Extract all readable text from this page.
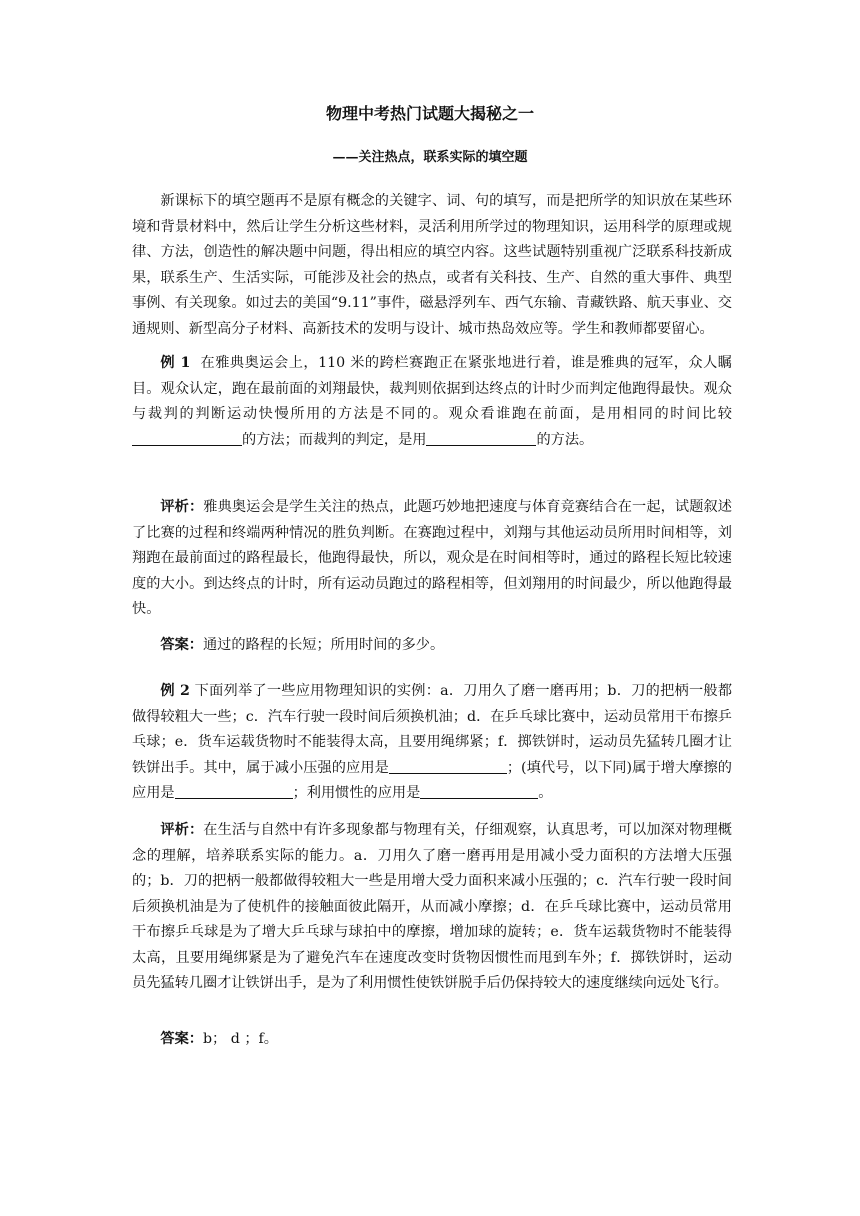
物理中考热门试题大揭秘之一
——关注热点，联系实际的填空题

新课标下的填空题再不是原有概念的关键字、词、句的填写，而是把所学的知识放在某些环境和背景材料中，然后让学生分析这些材料，灵活利用所学过的物理知识，运用科学的原理或规律、方法，创造性的解决题中问题，得出相应的填空内容。这些试题特别重视广泛联系科技新成果，联系生产、生活实际，可能涉及社会的热点，或者有关科技、生产、自然的重大事件、典型事例、有关现象。如过去的美国“9.11”事件，磁悬浮列车、西气东输、青藏铁路、航天事业、交通规则、新型高分子材料、高新技术的发明与设计、城市热岛效应等。学生和教师都要留心。

例 1 在雅典奥运会上，110 米的跨栏赛跑正在紧张地进行着，谁是雅典的冠军，众人瞩目。观众认定，跑在最前面的刘翔最快，裁判则依据到达终点的计时少而判定他跑得最快。观众与裁判的判断运动快慢所用的方法是不同的。观众看谁跑在前面，是用相同的时间比较的方法；而裁判的判定，是用	的方法。

评析：雅典奥运会是学生关注的热点，此题巧妙地把速度与体育竞赛结合在一起，试题叙述了比赛的过程和终端两种情况的胜负判断。在赛跑过程中，刘翔与其他运动员所用时间相等，刘翔跑在最前面过的路程最长，他跑得最快，所以，观众是在时间相等时，通过的路程长短比较速度的大小。到达终点的计时，所有运动员跑过的路程相等，但刘翔用的时间最少，所以他跑得最快。

答案：通过的路程的长短；所用时间的多少。

例 2 下面列举了一些应用物理知识的实例：a．刀用久了磨一磨再用；b．刀的把柄一般都做得较粗大一些；c．汽车行驶一段时间后须换机油；d．在乒乓球比赛中，运动员常用干布擦乒乓球；e．货车运载货物时不能装得太高，且要用绳绑紧；f．掷铁饼时，运动员先猛转几圈才让铁饼出手。其中，属于减小压强的应用是	；(填代号，以下同)属于增大摩擦的应用是	；利用惯性的应用是	。

评析：在生活与自然中有许多现象都与物理有关，仔细观察，认真思考，可以加深对物理概念的理解，培养联系实际的能力。a．刀用久了磨一磨再用是用减小受力面积的方法增大压强的；b．刀的把柄一般都做得较粗大一些是用增大受力面积来减小压强的；c．汽车行驶一段时间后须换机油是为了使机件的接触面彼此隔开，从而减小摩擦；d．在乒乓球比赛中，运动员常用干布擦乒乓球是为了增大乒乓球与球拍中的摩擦，增加球的旋转；e．货车运载货物时不能装得太高，且要用绳绑紧是为了避免汽车在速度改变时货物因惯性而甩到车外；f．掷铁饼时，运动员先猛转几圈才让铁饼出手，是为了利用惯性使铁饼脱手后仍保持较大的速度继续向远处飞行。

答案：b； d ；f。
